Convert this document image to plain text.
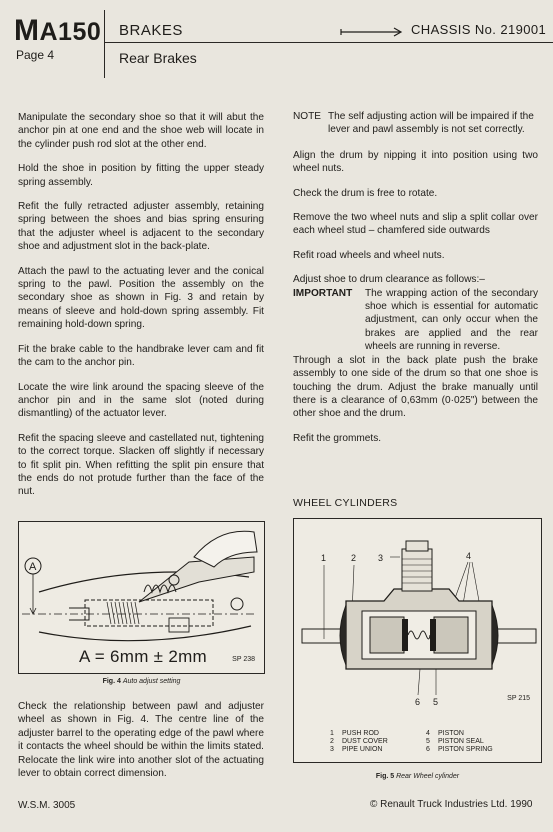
MA150
Page 4
BRAKES
Rear Brakes
CHASSIS No. 219001

Manipulate the secondary shoe so that it will abut the anchor pin at one end and the shoe web will locate in the cylinder push rod slot at the other end.

Hold the shoe in position by fitting the upper steady spring assembly.

Refit the fully retracted adjuster assembly, retaining spring between the shoes and bias spring ensuring that the adjuster wheel is adjacent to the secondary shoe and adjustment slot in the back-plate.

Attach the pawl to the actuating lever and the conical spring to the pawl. Position the assembly on the secondary shoe as shown in Fig. 3 and retain by means of sleeve and hold-down spring assembly. Fit remaining hold-down spring.

Fit the brake cable to the handbrake lever cam and fit the cam to the anchor pin.

Locate the wire link around the spacing sleeve of the anchor pin and in the same slot (noted during dismantling) of the actuator lever.

Refit the spacing sleeve and castellated nut, tightening to the correct torque. Slacken off slightly if necessary to fit split pin. When refitting the split pin ensure that the ends do not protude further than the face of the nut.

A
A = 6mm ± 2mm	SP 238
Fig. 4 Auto adjust setting
Check the relationship between pawl and adjuster wheel as shown in Fig. 4. The centre line of the adjuster barrel to the operating edge of the pawl where it contacts the wheel should be within the limits stated. Relocate the link wire into another slot of the actuating lever to obtain correct dimension.
NOTE The self adjusting action will be impaired if the lever and pawl assembly is not set correctly.

Align the drum by nipping it into position using two wheel nuts.

Check the drum is free to rotate.

Remove the two wheel nuts and slip a split collar over each wheel stud – chamfered side outwards

Refit road wheels and wheel nuts.

Adjust shoe to drum clearance as follows:–
IMPORTANT	The wrapping action of the secondary shoe which is essential for automatic adjustment, can only occur when the brakes are applied and the rear wheels are running in reverse.

Through a slot in the back plate push the brake assembly to one side of the drum so that one shoe is touching the drum. Adjust the brake manually until there is a clearance of 0,63mm (0·025") between the other shoe and the drum.

Refit the grommets.

WHEEL CYLINDERS
1	2 3	4
5
6	SP 215
1 PUSH ROD
2 DUST COVER
3 PIPE UNION
4 PISTON
5 PISTON SEAL
6 PISTON SPRING
Fig. 5 Rear Wheel cylinder
W.S.M. 3005	© Renault Truck Industries Ltd. 1990
